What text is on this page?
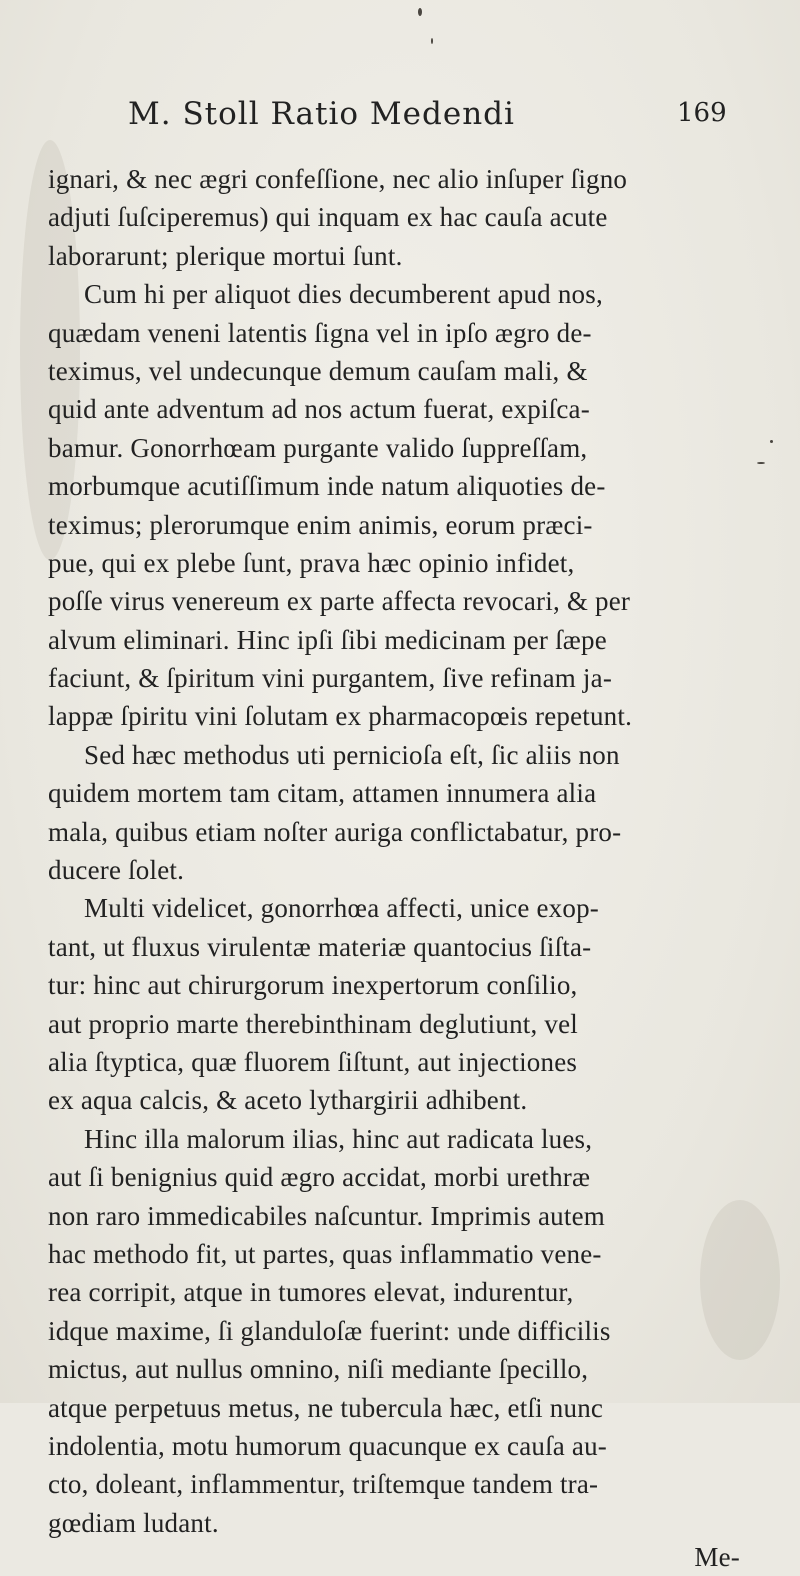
M. Stoll Ratio Medendi	169
ignari, & nec ægri confeſſione, nec alio inſuper ſigno
adjuti ſuſciperemus) qui inquam ex hac cauſa acute
laborarunt; plerique mortui ſunt.
Cum hi per aliquot dies decumberent apud nos,
quædam veneni latentis ſigna vel in ipſo ægro de-
teximus, vel undecunque demum cauſam mali, &
quid ante adventum ad nos actum fuerat, expiſca-
bamur. Gonorrhœam purgante valido ſuppreſſam,
morbumque acutiſſimum inde natum aliquoties de-
teximus; plerorumque enim animis, eorum præci-
pue, qui ex plebe ſunt, prava hæc opinio infidet,
poſſe virus venereum ex parte affecta revocari, & per
alvum eliminari. Hinc ipſi ſibi medicinam per ſæpe
faciunt, & ſpiritum vini purgantem, ſive refinam ja-
lappæ ſpiritu vini ſolutam ex pharmacopœis repetunt.
Sed hæc methodus uti pernicioſa eſt, ſic aliis non
quidem mortem tam citam, attamen innumera alia
mala, quibus etiam noſter auriga conflictabatur, pro-
ducere ſolet.
Multi videlicet, gonorrhœa affecti, unice exop-
tant, ut fluxus virulentæ materiæ quantocius ſiſta-
tur: hinc aut chirurgorum inexpertorum conſilio,
aut proprio marte therebinthinam deglutiunt, vel
alia ſtyptica, quæ fluorem ſiſtunt, aut injectiones
ex aqua calcis, & aceto lythargirii adhibent.
Hinc illa malorum ilias, hinc aut radicata lues,
aut ſi benignius quid ægro accidat, morbi urethræ
non raro immedicabiles naſcuntur. Imprimis autem
hac methodo fit, ut partes, quas inflammatio vene-
rea corripit, atque in tumores elevat, indurentur,
idque maxime, ſi glanduloſæ fuerint: unde difficilis
mictus, aut nullus omnino, niſi mediante ſpecillo,
atque perpetuus metus, ne tubercula hæc, etſi nunc
indolentia, motu humorum quacunque ex cauſa au-
cto, doleant, inflammentur, triſtemque tandem tra-
gœdiam ludant.
Me-
